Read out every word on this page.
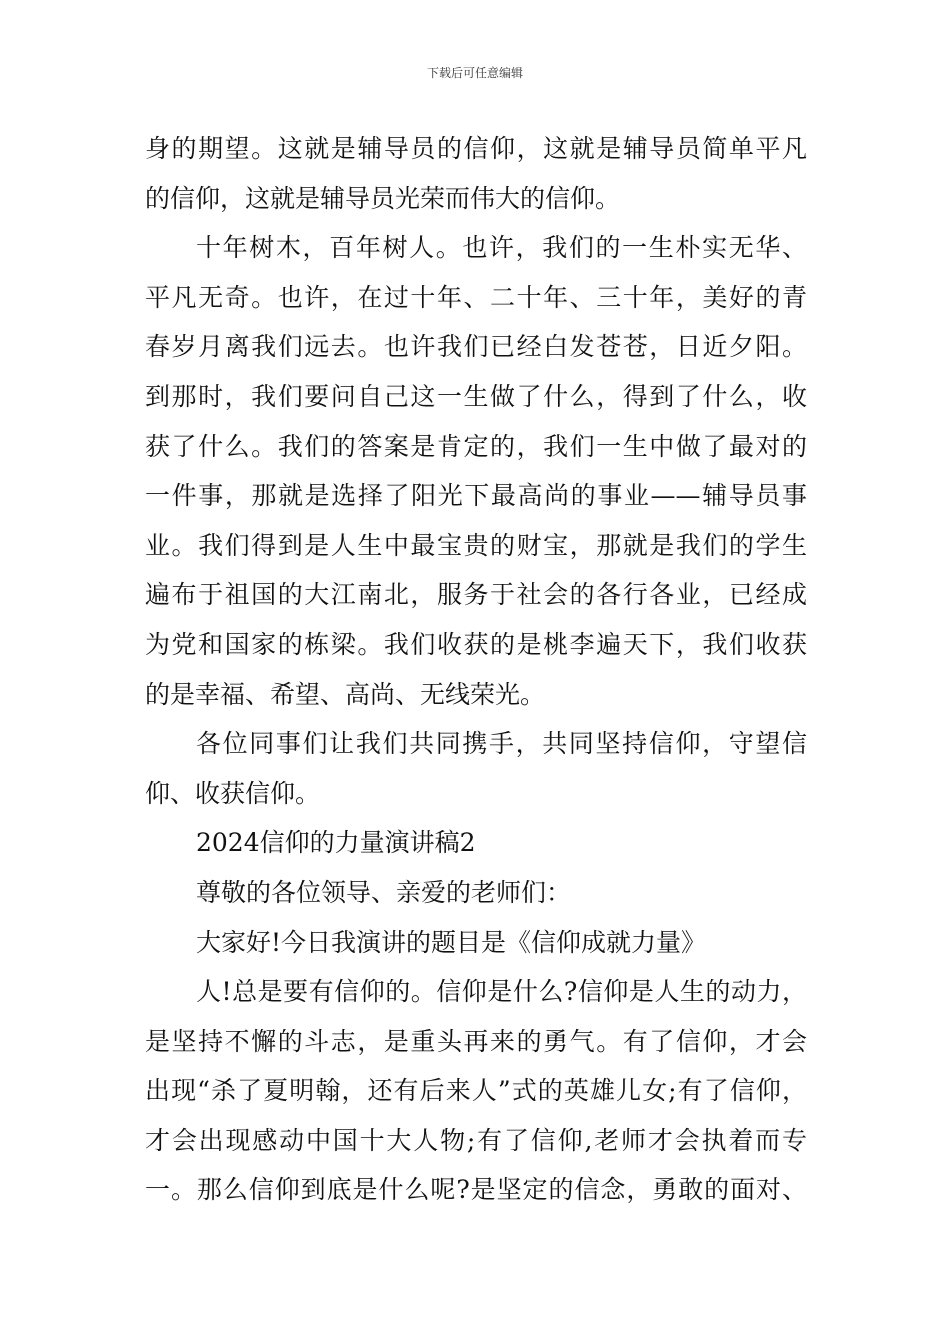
下载后可任意编辑
身的期望。这就是辅导员的信仰，这就是辅导员简单平凡
的信仰，这就是辅导员光荣而伟大的信仰。
十年树木，百年树人。也许，我们的一生朴实无华、
平凡无奇。也许，在过十年、二十年、三十年，美好的青
春岁月离我们远去。也许我们已经白发苍苍，日近夕阳。
到那时，我们要问自己这一生做了什么，得到了什么，收
获了什么。我们的答案是肯定的，我们一生中做了最对的
一件事，那就是选择了阳光下最高尚的事业——辅导员事
业。我们得到是人生中最宝贵的财宝，那就是我们的学生
遍布于祖国的大江南北，服务于社会的各行各业，已经成
为党和国家的栋梁。我们收获的是桃李遍天下，我们收获
的是幸福、希望、高尚、无线荣光。
各位同事们让我们共同携手，共同坚持信仰，守望信
仰、收获信仰。
2024信仰的力量演讲稿2
尊敬的各位领导、亲爱的老师们：
大家好!今日我演讲的题目是《信仰成就力量》
人!总是要有信仰的。信仰是什么?信仰是人生的动力，
是坚持不懈的斗志，是重头再来的勇气。有了信仰，才会
出现“杀了夏明翰，还有后来人”式的英雄儿女;有了信仰，
才会出现感动中国十大人物;有了信仰,老师才会执着而专
一。那么信仰到底是什么呢?是坚定的信念，勇敢的面对、
